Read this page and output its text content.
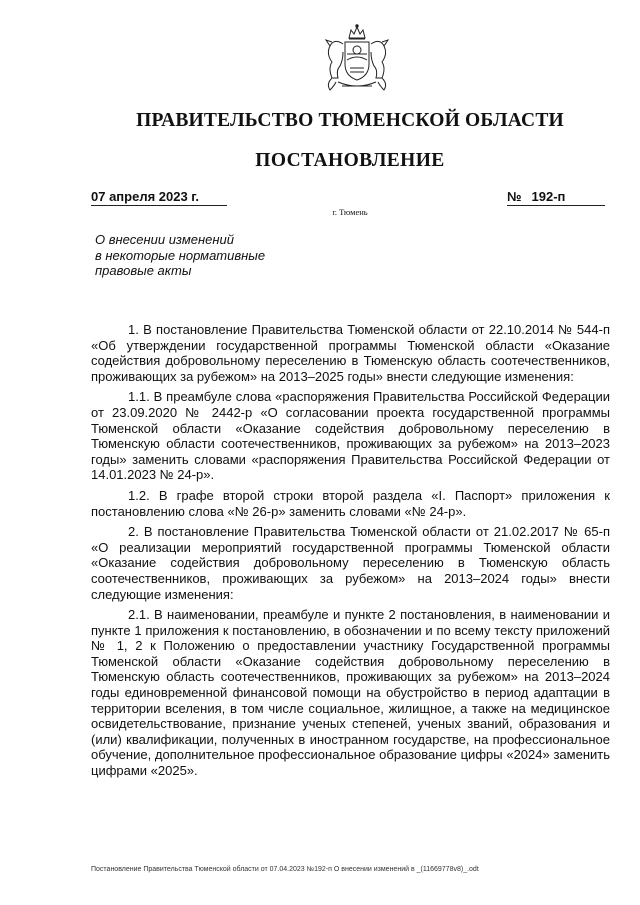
ПРАВИТЕЛЬСТВО ТЮМЕНСКОЙ ОБЛАСТИ
ПОСТАНОВЛЕНИЕ
07 апреля 2023 г.	№ 192-п
г. Тюмень
О внесении изменений
в некоторые нормативные
правовые акты

1. В постановление Правительства Тюменской области от 22.10.2014 № 544-п «Об утверждении государственной программы Тюменской области «Оказание содействия добровольному переселению в Тюменскую область соотечественников, проживающих за рубежом» на 2013–2025 годы» внести следующие изменения:

1.1. В преамбуле слова «распоряжения Правительства Российской Федерации от 23.09.2020 № 2442-р «О согласовании проекта государственной программы Тюменской области «Оказание содействия добровольному переселению в Тюменскую области соотечественников, проживающих за рубежом» на 2013–2023 годы» заменить словами «распоряжения Правительства Российской Федерации от 14.01.2023 № 24-р».

1.2. В графе второй строки второй раздела «I. Паспорт» приложения к постановлению слова «№ 26-р» заменить словами «№ 24-р».

2. В постановление Правительства Тюменской области от 21.02.2017 № 65-п «О реализации мероприятий государственной программы Тюменской области «Оказание содействия добровольному переселению в Тюменскую область соотечественников, проживающих за рубежом» на 2013–2024 годы» внести следующие изменения:

2.1. В наименовании, преамбуле и пункте 2 постановления, в наименовании и пункте 1 приложения к постановлению, в обозначении и по всему тексту приложений № 1, 2 к Положению о предоставлении участнику Государственной программы Тюменской области «Оказание содействия добровольному переселению в Тюменскую область соотечественников, проживающих за рубежом» на 2013–2024 годы единовременной финансовой помощи на обустройство в период адаптации в территории вселения, в том числе социальное, жилищное, а также на медицинское освидетельствование, признание ученых степеней, ученых званий, образования и (или) квалификации, полученных в иностранном государстве, на профессиональное обучение, дополнительное профессиональное образование цифры «2024» заменить цифрами «2025».

Постановление Правительства Тюменской области от 07.04.2023 №192-п О внесении изменений в _(11669778v8)_.odt
